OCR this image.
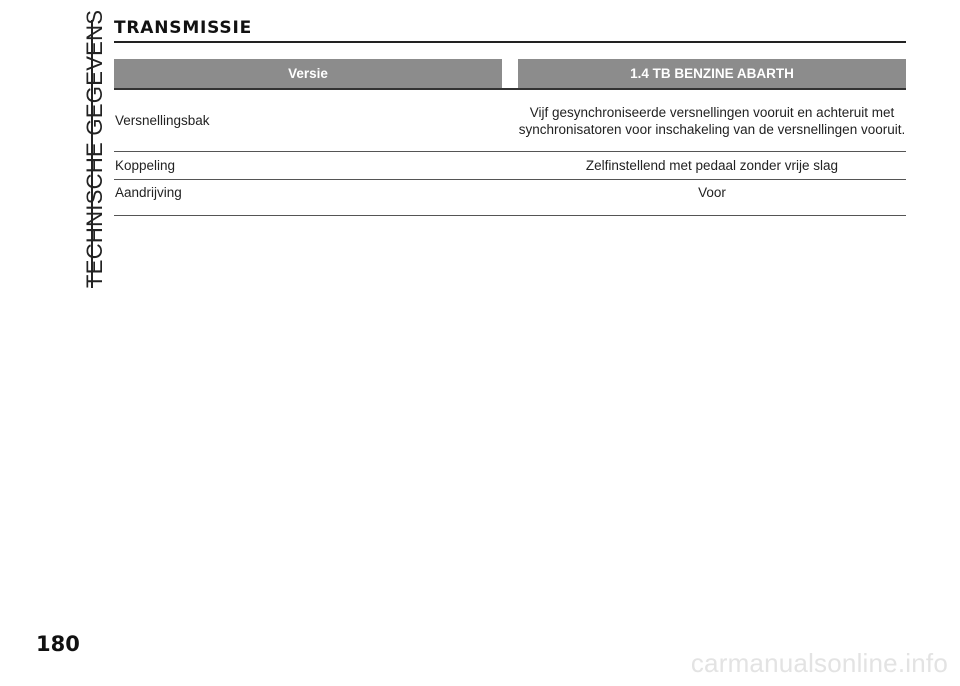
TECHNISCHE GEGEVENS TRANSMISSIE
Versie		1.4 TB BENZINE ABARTH
Versnellingsbak		Vijf gesynchroniseerde versnellingen vooruit en achteruit met synchronisatoren voor inschakeling van de versnellingen vooruit.
Koppeling		Zelfinstellend met pedaal zonder vrije slag
Aandrijving		Voor
180
carmanualsonline.info
